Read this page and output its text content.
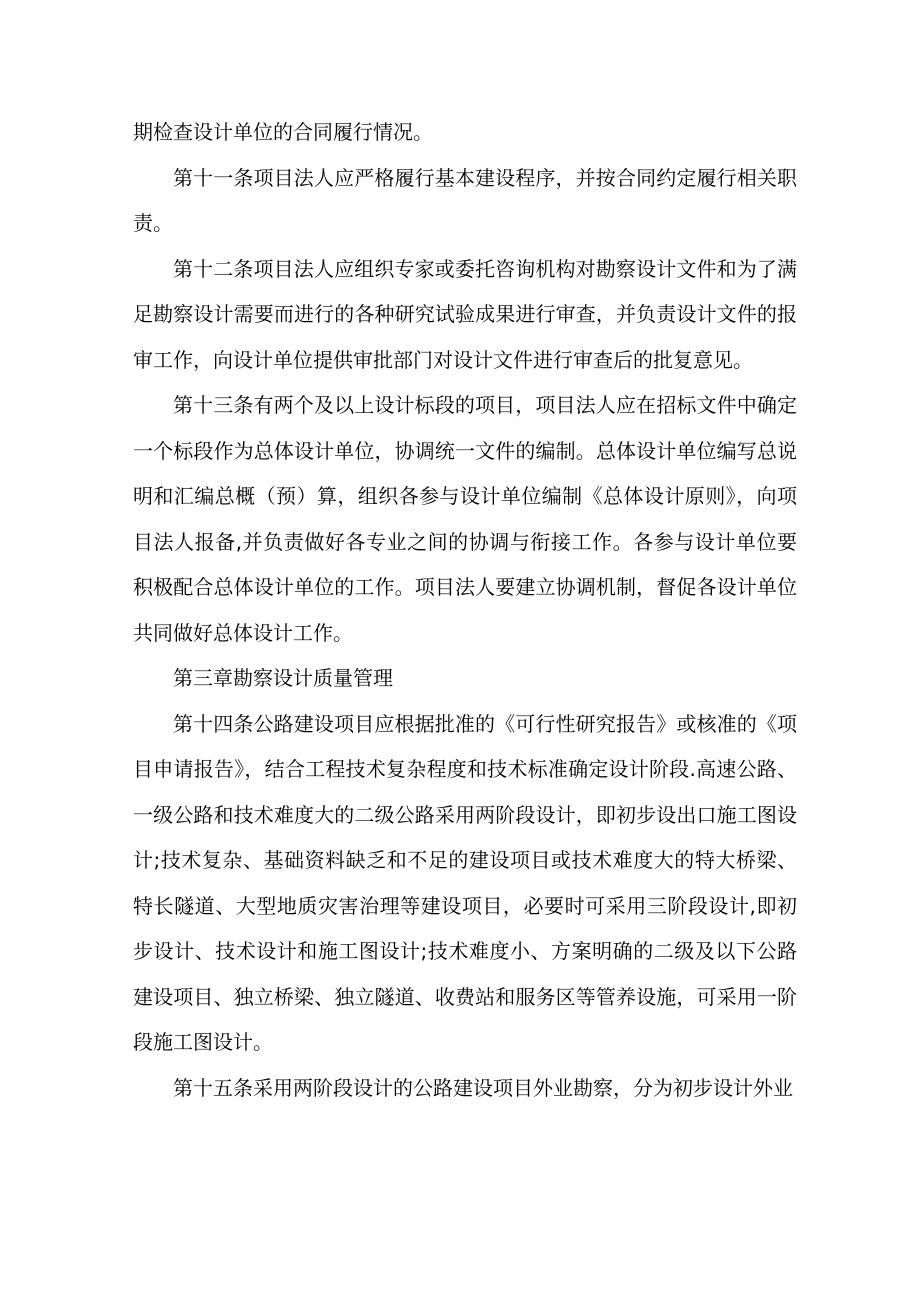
期检查设计单位的合同履行情况。

第十一条项目法人应严格履行基本建设程序，并按合同约定履行相关职责。

第十二条项目法人应组织专家或委托咨询机构对勘察设计文件和为了满足勘察设计需要而进行的各种研究试验成果进行审查，并负责设计文件的报审工作，向设计单位提供审批部门对设计文件进行审查后的批复意见。

第十三条有两个及以上设计标段的项目，项目法人应在招标文件中确定一个标段作为总体设计单位，协调统一文件的编制。总体设计单位编写总说明和汇编总概（预）算，组织各参与设计单位编制《总体设计原则》，向项目法人报备,并负责做好各专业之间的协调与衔接工作。各参与设计单位要积极配合总体设计单位的工作。项目法人要建立协调机制，督促各设计单位共同做好总体设计工作。

第三章勘察设计质量管理

第十四条公路建设项目应根据批准的《可行性研究报告》或核准的《项目申请报告》，结合工程技术复杂程度和技术标准确定设计阶段.高速公路、一级公路和技术难度大的二级公路采用两阶段设计，即初步设出口施工图设计;技术复杂、基础资料缺乏和不足的建设项目或技术难度大的特大桥梁、特长隧道、大型地质灾害治理等建设项目，必要时可采用三阶段设计,即初步设计、技术设计和施工图设计;技术难度小、方案明确的二级及以下公路建设项目、独立桥梁、独立隧道、收费站和服务区等管养设施，可采用一阶段施工图设计。

第十五条采用两阶段设计的公路建设项目外业勘察，分为初步设计外业
